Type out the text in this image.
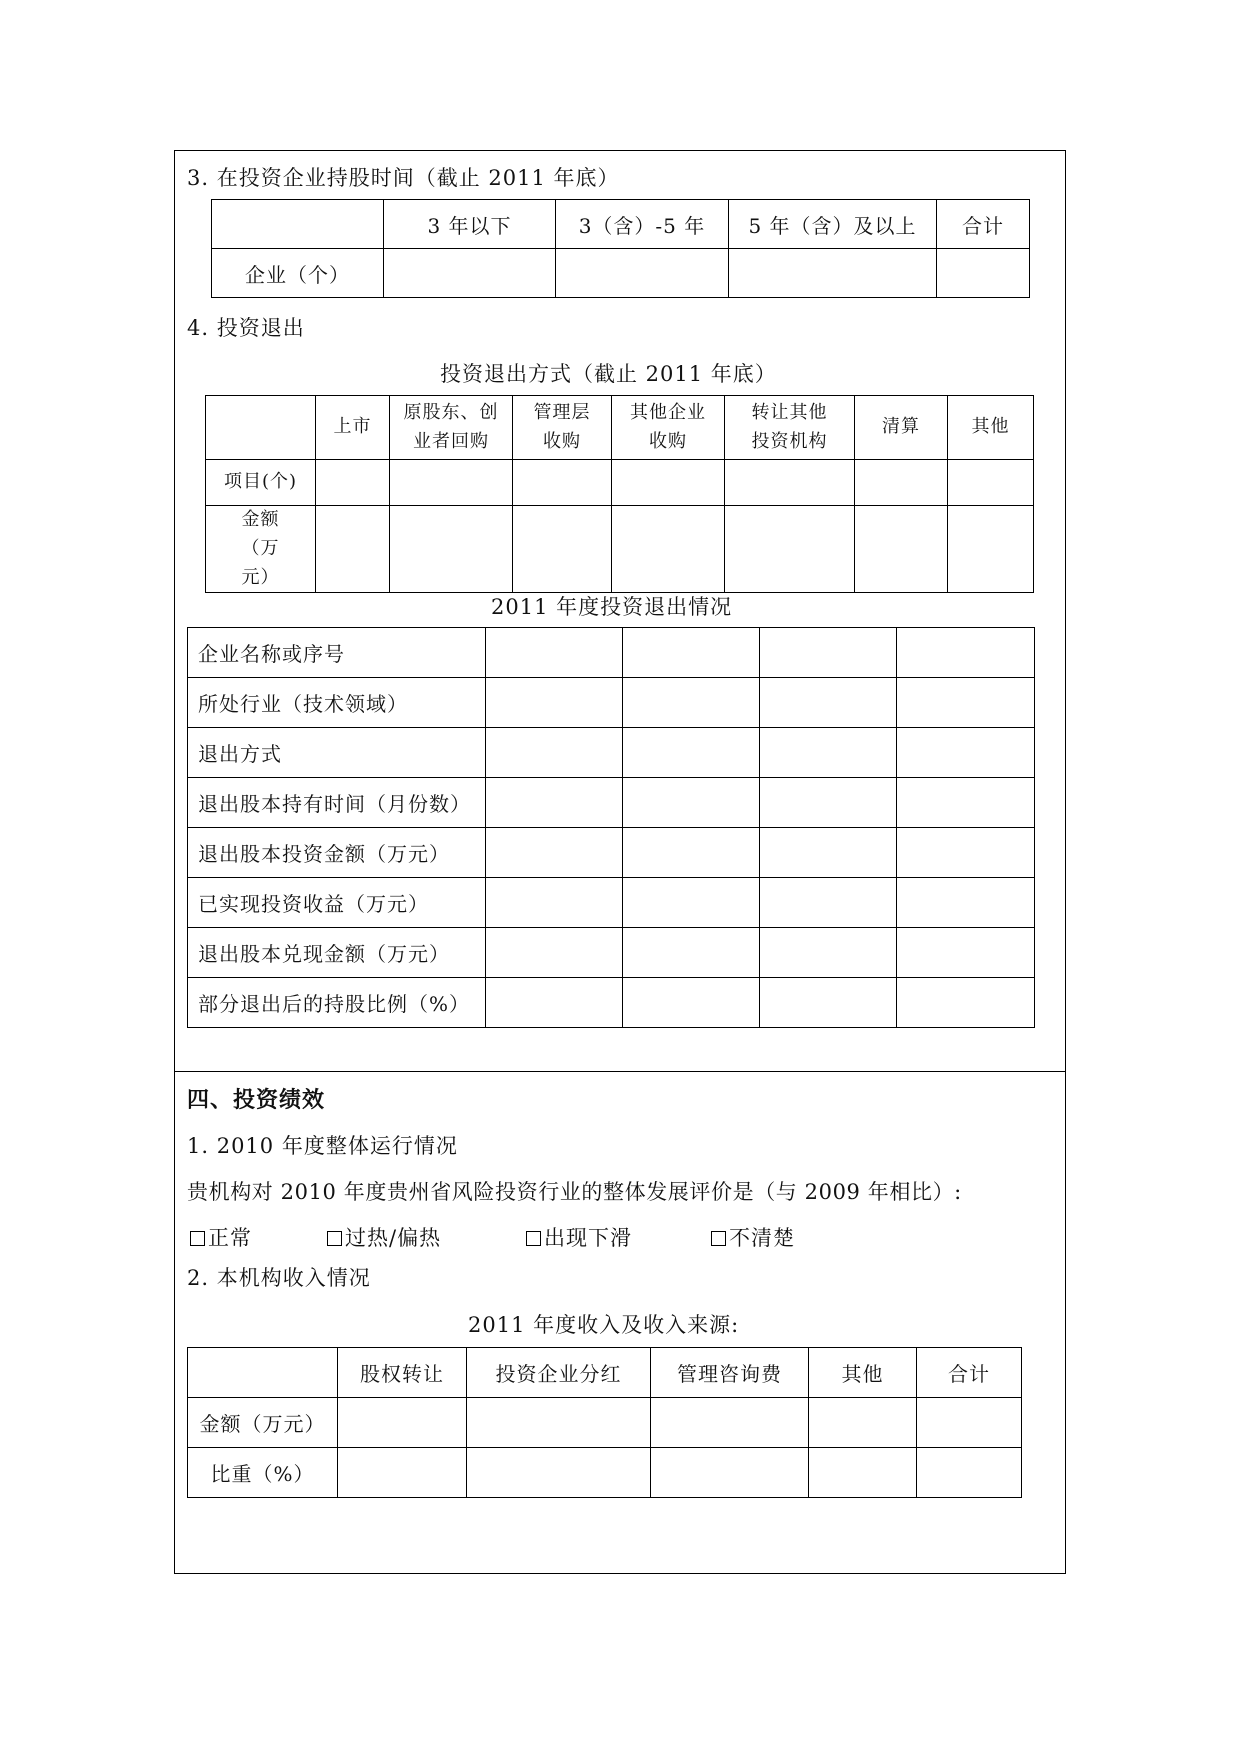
3. 在投资企业持股时间（截止 2011 年底）
	3 年以下	3（含）-5 年	5 年（含）及以上	合计
企业（个）				
4. 投资退出
投资退出方式（截止 2011 年底）
	上市	原股东、创业者回购	管理层收购	其他企业收购	转让其他投资机构	清算	其他
项目(个)							
金额（万元）							
2011 年度投资退出情况
企业名称或序号				
所处行业（技术领域）				
退出方式				
退出股本持有时间（月份数）				
退出股本投资金额（万元）				
已实现投资收益（万元）				
退出股本兑现金额（万元）				
部分退出后的持股比例（%）				
四、投资绩效
1. 2010 年度整体运行情况
贵机构对 2010 年度贵州省风险投资行业的整体发展评价是（与 2009 年相比）:
正常	过热/偏热	出现下滑	不清楚
2. 本机构收入情况
2011 年度收入及收入来源:
	股权转让	投资企业分红	管理咨询费	其他	合计
金额（万元）					
比重（%）					
